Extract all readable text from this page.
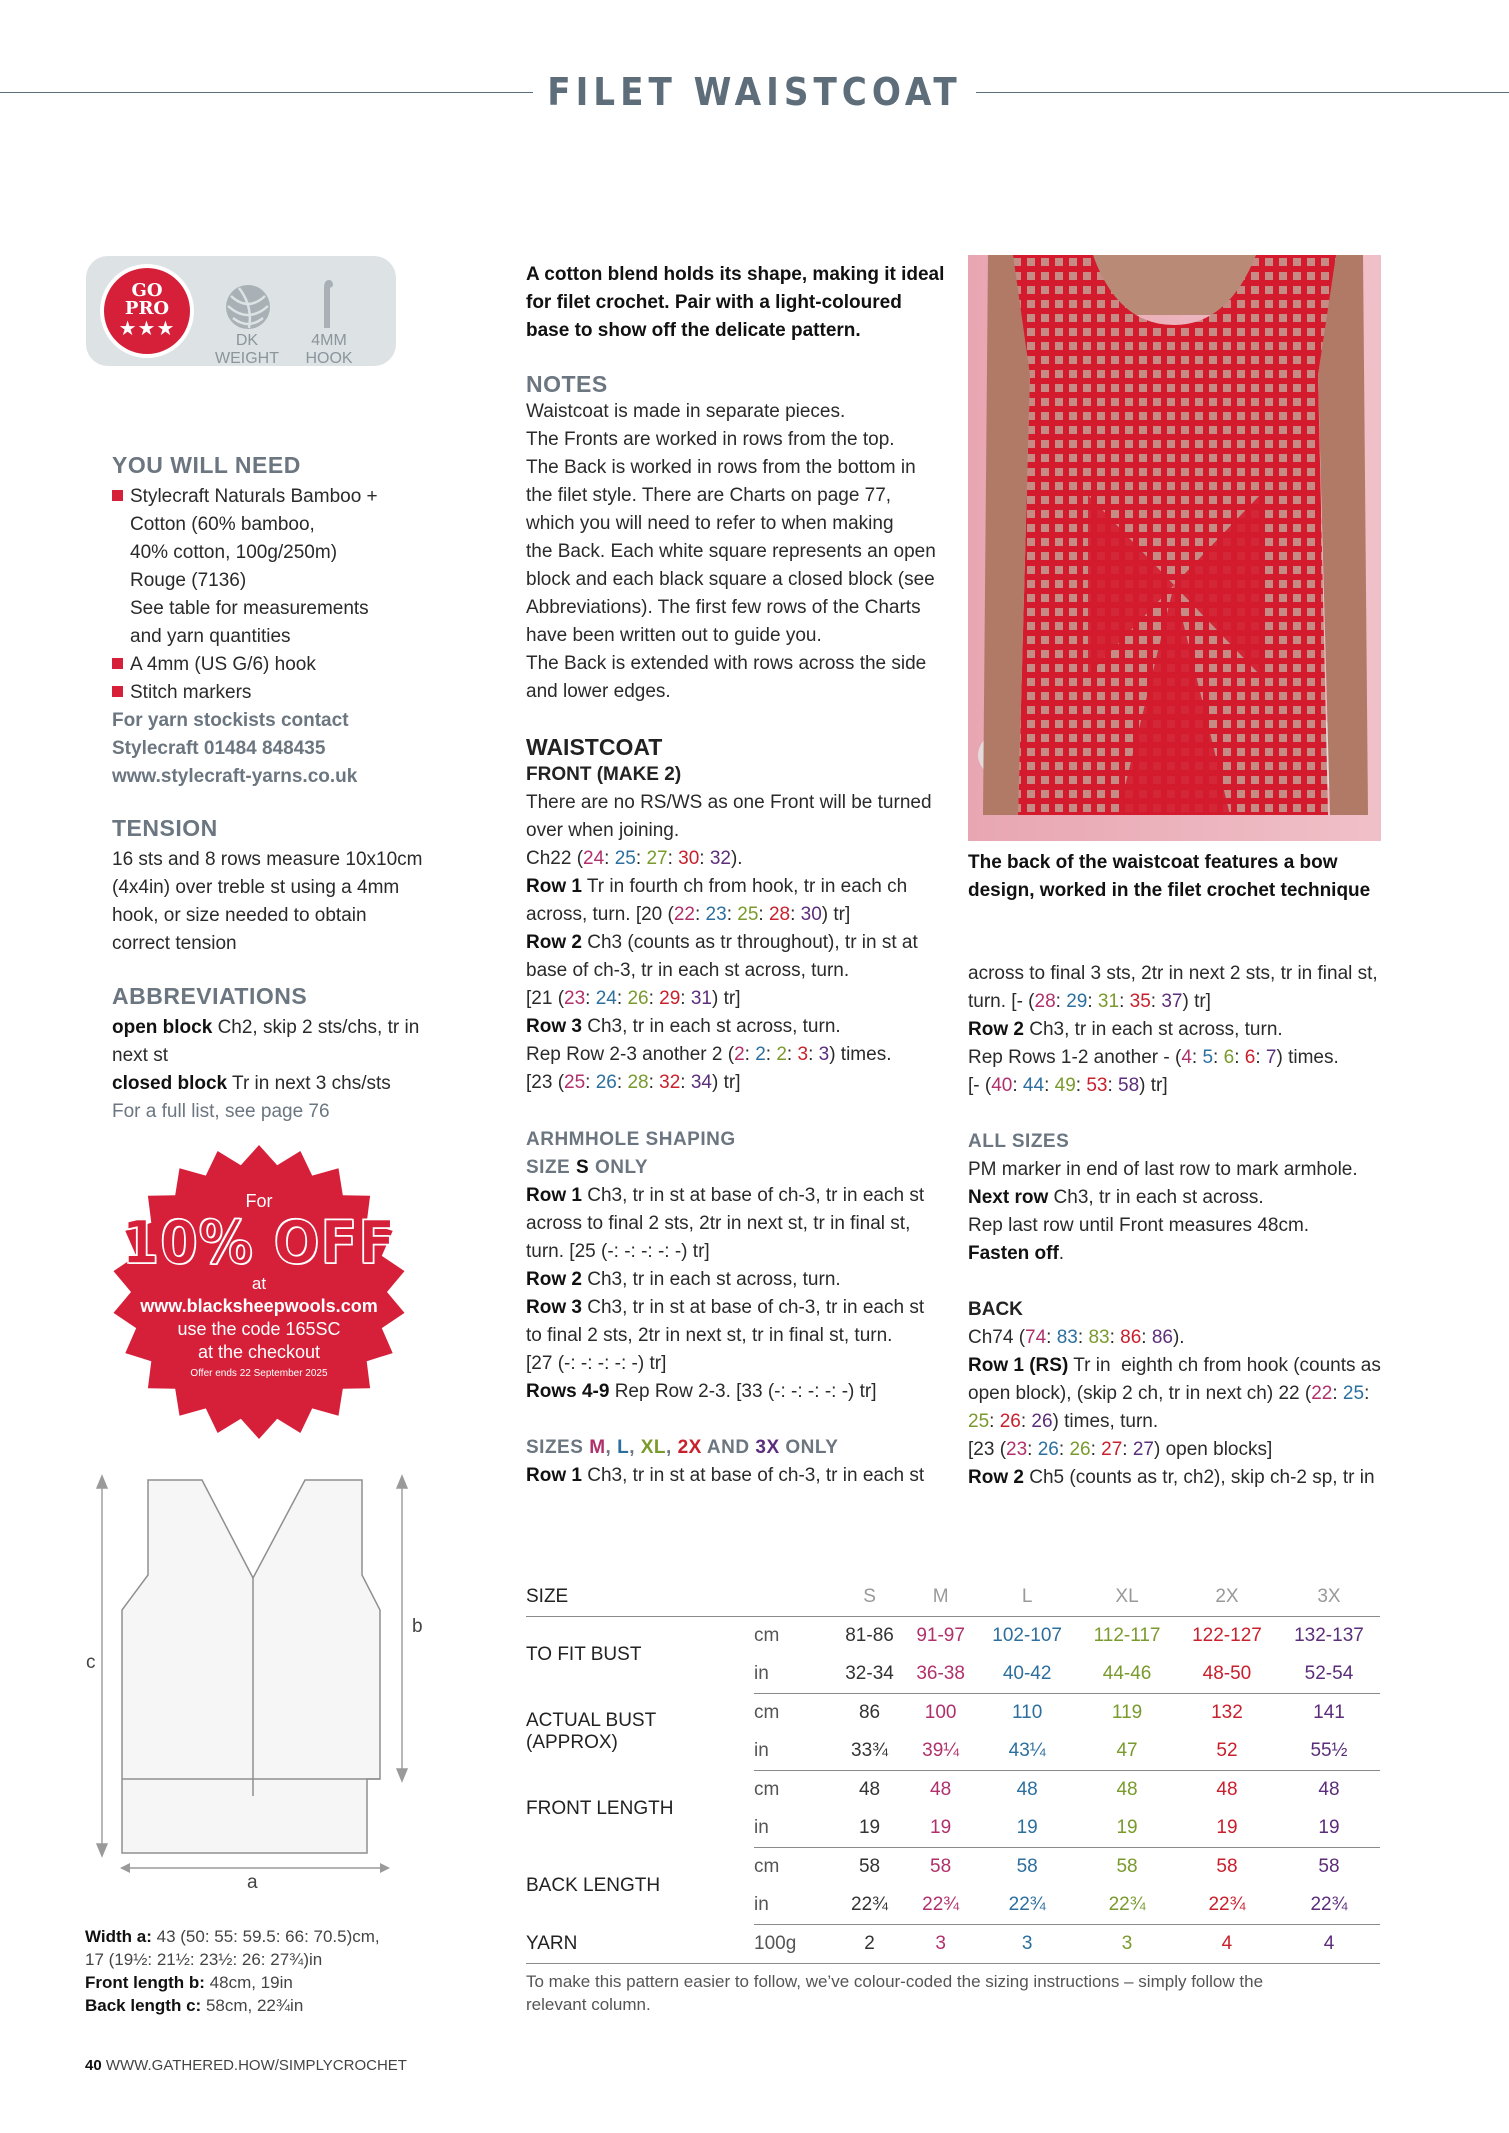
FILET WAISTCOAT
GO
PRO
★★★
DK WEIGHT
4MM HOOK
YOU WILL NEED
Stylecraft Naturals Bamboo +
Cotton (60% bamboo,
40% cotton, 100g/250m)
Rouge (7136)
See table for measurements
and yarn quantities
A 4mm (US G/6) hook
Stitch markers
For yarn stockists contact
Stylecraft 01484 848435
www.stylecraft-yarns.co.uk
TENSION
16 sts and 8 rows measure 10x10cm
(4x4in) over treble st using a 4mm
hook, or size needed to obtain
correct tension
ABBREVIATIONS
open block Ch2, skip 2 sts/chs, tr in
next st
closed block Tr in next 3 chs/sts
For a full list, see page 76
For
10% OFF
at
www.blacksheepwools.com
use the code 165SC
at the checkout
Offer ends 22 September 2025
c
b
a
Width a: 43 (50: 55: 59.5: 66: 70.5)cm,
17 (19½: 21½: 23½: 26: 27¾)in
Front length b: 48cm, 19in
Back length c: 58cm, 22¾in
40 WWW.GATHERED.HOW/SIMPLYCROCHET
A cotton blend holds its shape, making it ideal
for filet crochet. Pair with a light-coloured
base to show off the delicate pattern.
NOTES
Waistcoat is made in separate pieces.
The Fronts are worked in rows from the top.
The Back is worked in rows from the bottom in
the filet style. There are Charts on page 77,
which you will need to refer to when making
the Back. Each white square represents an open
block and each black square a closed block (see
Abbreviations). The first few rows of the Charts
have been written out to guide you.
The Back is extended with rows across the side
and lower edges.
WAISTCOAT
FRONT (MAKE 2)
There are no RS/WS as one Front will be turned
over when joining.
Ch22 (24: 25: 27: 30: 32).
Row 1 Tr in fourth ch from hook, tr in each ch
across, turn. [20 (22: 23: 25: 28: 30) tr]
Row 2 Ch3 (counts as tr throughout), tr in st at
base of ch-3, tr in each st across, turn.
[21 (23: 24: 26: 29: 31) tr]
Row 3 Ch3, tr in each st across, turn.
Rep Row 2-3 another 2 (2: 2: 2: 3: 3) times.
[23 (25: 26: 28: 32: 34) tr]
ARHMHOLE SHAPING
SIZE S ONLY
Row 1 Ch3, tr in st at base of ch-3, tr in each st
across to final 2 sts, 2tr in next st, tr in final st,
turn. [25 (-: -: -: -: -) tr]
Row 2 Ch3, tr in each st across, turn.
Row 3 Ch3, tr in st at base of ch-3, tr in each st
to final 2 sts, 2tr in next st, tr in final st, turn.
[27 (-: -: -: -: -) tr]
Rows 4-9 Rep Row 2-3. [33 (-: -: -: -: -) tr]
SIZES M, L, XL, 2X AND 3X ONLY
Row 1 Ch3, tr in st at base of ch-3, tr in each st
The back of the waistcoat features a bow
design, worked in the filet crochet technique
across to final 3 sts, 2tr in next 2 sts, tr in final st,
turn. [- (28: 29: 31: 35: 37) tr]
Row 2 Ch3, tr in each st across, turn.
Rep Rows 1-2 another - (4: 5: 6: 6: 7) times.
[- (40: 44: 49: 53: 58) tr]
ALL SIZES
PM marker in end of last row to mark armhole.
Next row Ch3, tr in each st across.
Rep last row until Front measures 48cm.
Fasten off.
BACK
Ch74 (74: 83: 83: 86: 86).
Row 1 (RS) Tr in  eighth ch from hook (counts as
open block), (skip 2 ch, tr in next ch) 22 (22: 25:
25: 26: 26) times, turn.
[23 (23: 26: 26: 27: 27) open blocks]
Row 2 Ch5 (counts as tr, ch2), skip ch-2 sp, tr in
SIZE		S	M	L	XL	2X	3X
TO FIT BUST	cm	81-86	91-97	102-107	112-117	122-127	132-137
	in	32-34	36-38	40-42	44-46	48-50	52-54

ACTUAL BUST
(APPROX)	cm	86	100	110	119	132	141
	in	33¾	39¼	43¼	47	52	55½
FRONT LENGTH	cm	48	48	48	48	48	48
	in	19	19	19	19	19	19
BACK LENGTH	cm	58	58	58	58	58	58
	in	22¾	22¾	22¾	22¾	22¾	22¾
YARN	100g	2	3	3	3	4	4
To make this pattern easier to follow, we’ve colour-coded the sizing instructions – simply follow the
relevant column.
